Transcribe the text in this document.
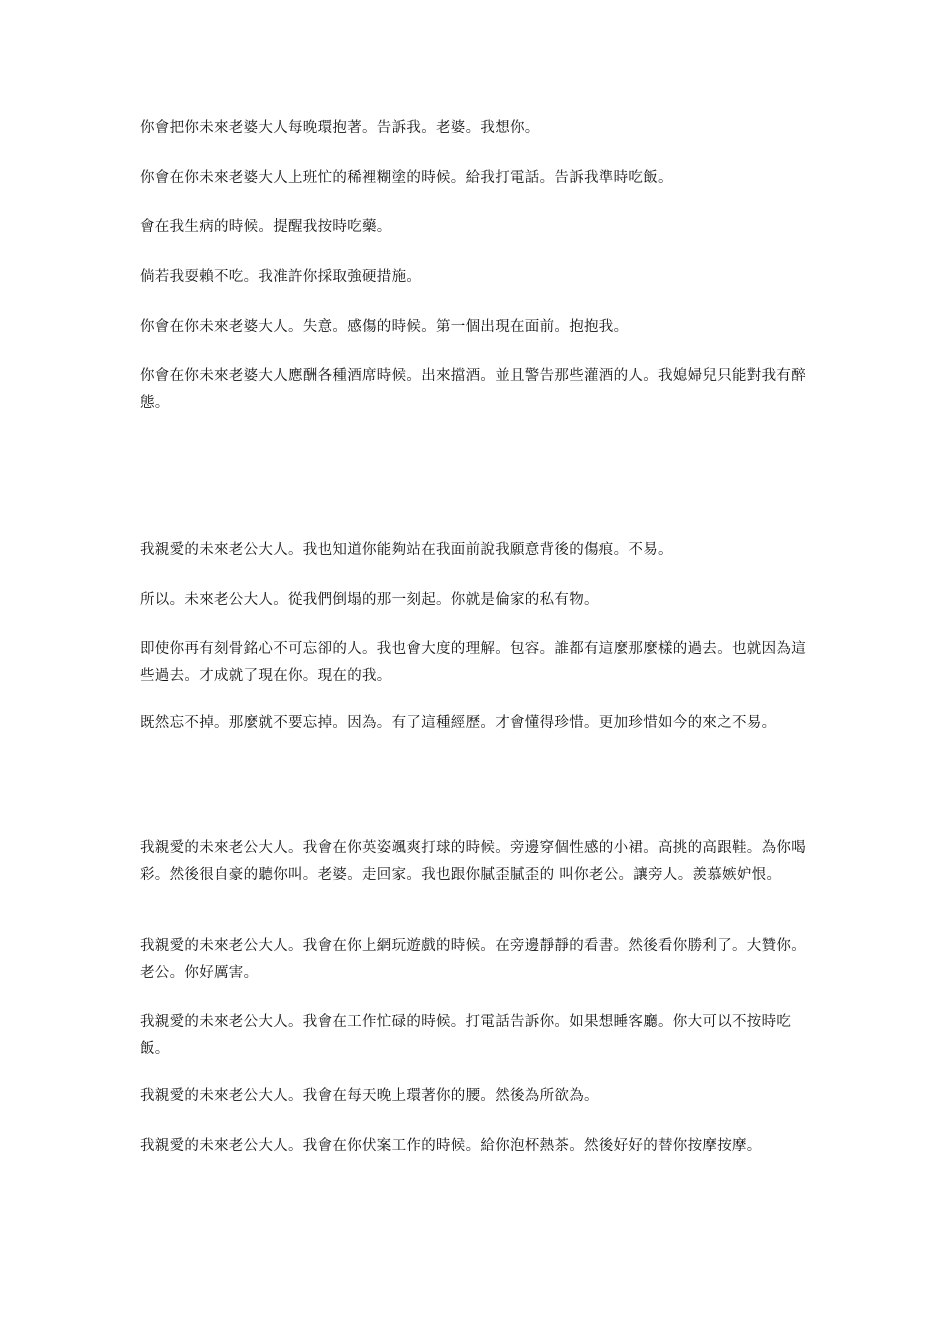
你會把你未來老婆大人每晚環抱著。告訴我。老婆。我想你。

你會在你未來老婆大人上班忙的稀裡糊塗的時候。給我打電話。告訴我準時吃飯。

會在我生病的時候。提醒我按時吃藥。

倘若我耍賴不吃。我准許你採取強硬措施。

你會在你未來老婆大人。失意。感傷的時候。第一個出現在面前。抱抱我。

你會在你未來老婆大人應酬各種酒席時候。出來擋酒。並且警告那些灌酒的人。我媳婦兒只能對我有醉態。

我親愛的未來老公大人。我也知道你能夠站在我面前說我願意背後的傷痕。不易。

所以。未來老公大人。從我們倒塌的那一刻起。你就是倫家的私有物。

即使你再有刻骨銘心不可忘卻的人。我也會大度的理解。包容。誰都有這麼那麼樣的過去。也就因為這些過去。才成就了現在你。現在的我。

既然忘不掉。那麼就不要忘掉。因為。有了這種經歷。才會懂得珍惜。更加珍惜如今的來之不易。

我親愛的未來老公大人。我會在你英姿颯爽打球的時候。旁邊穿個性感的小裙。高挑的高跟鞋。為你喝彩。然後很自豪的聽你叫。老婆。走回家。我也跟你膩歪膩歪的 叫你老公。讓旁人。羨慕嫉妒恨。

我親愛的未來老公大人。我會在你上網玩遊戲的時候。在旁邊靜靜的看書。然後看你勝利了。大贊你。老公。你好厲害。

我親愛的未來老公大人。我會在工作忙碌的時候。打電話告訴你。如果想睡客廳。你大可以不按時吃飯。

我親愛的未來老公大人。我會在每天晚上環著你的腰。然後為所欲為。

我親愛的未來老公大人。我會在你伏案工作的時候。給你泡杯熱茶。然後好好的替你按摩按摩。
